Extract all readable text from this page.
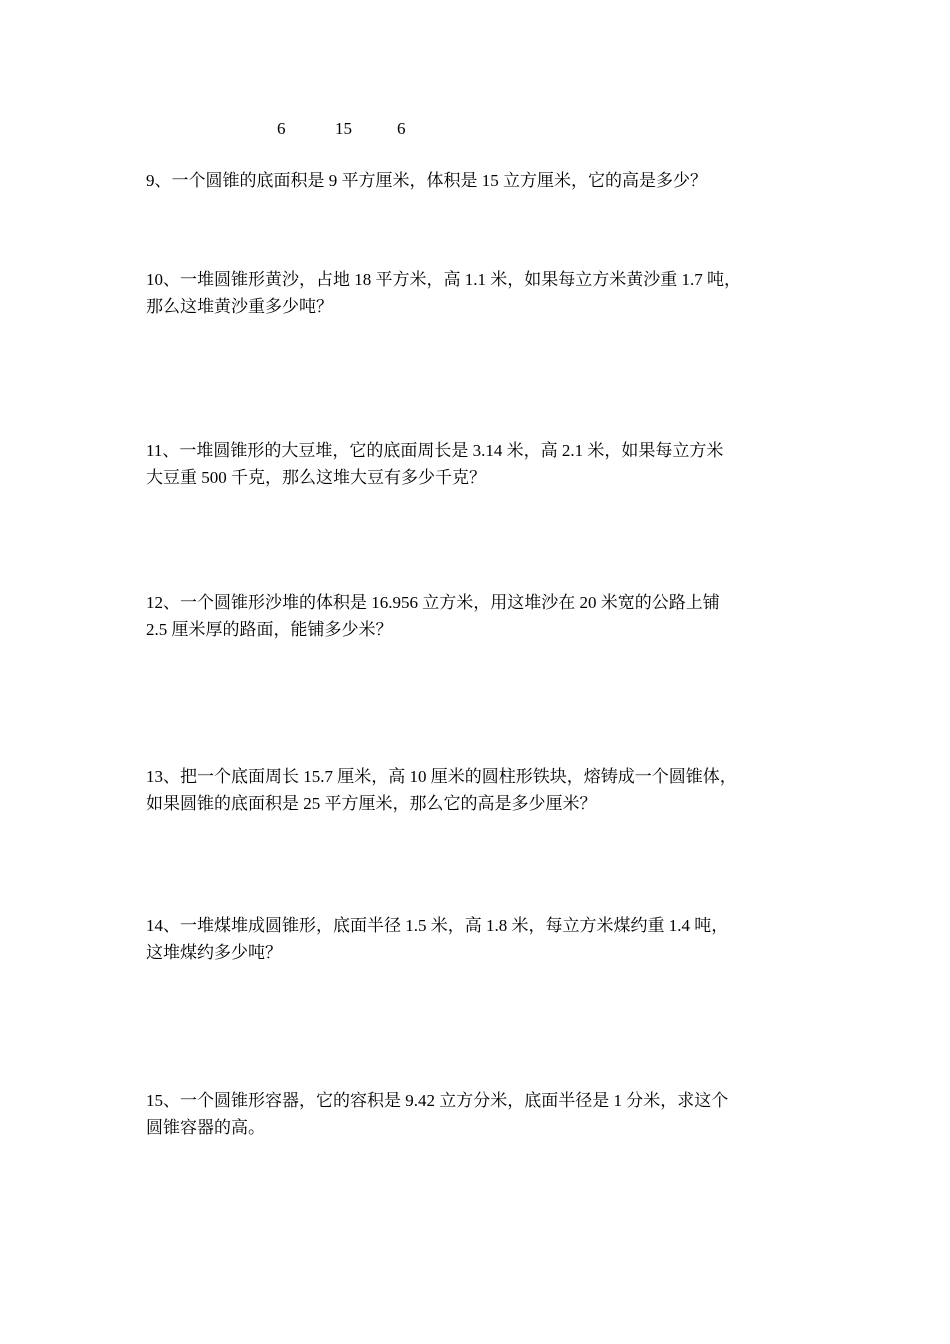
6	15	6
9、一个圆锥的底面积是 9 平方厘米，体积是 15 立方厘米，它的高是多少？
10、一堆圆锥形黄沙，占地 18 平方米，高 1.1 米，如果每立方米黄沙重 1.7 吨，
那么这堆黄沙重多少吨？
11、一堆圆锥形的大豆堆，它的底面周长是 3.14 米，高 2.1 米，如果每立方米
大豆重 500 千克，那么这堆大豆有多少千克？
12、一个圆锥形沙堆的体积是 16.956 立方米，用这堆沙在 20 米宽的公路上铺
2.5 厘米厚的路面，能铺多少米？
13、把一个底面周长 15.7 厘米，高 10 厘米的圆柱形铁块，熔铸成一个圆锥体，
如果圆锥的底面积是 25 平方厘米，那么它的高是多少厘米？
14、一堆煤堆成圆锥形，底面半径 1.5 米，高 1.8 米，每立方米煤约重 1.4 吨，
这堆煤约多少吨？
15、一个圆锥形容器，它的容积是 9.42 立方分米，底面半径是 1 分米，求这个
圆锥容器的高。
